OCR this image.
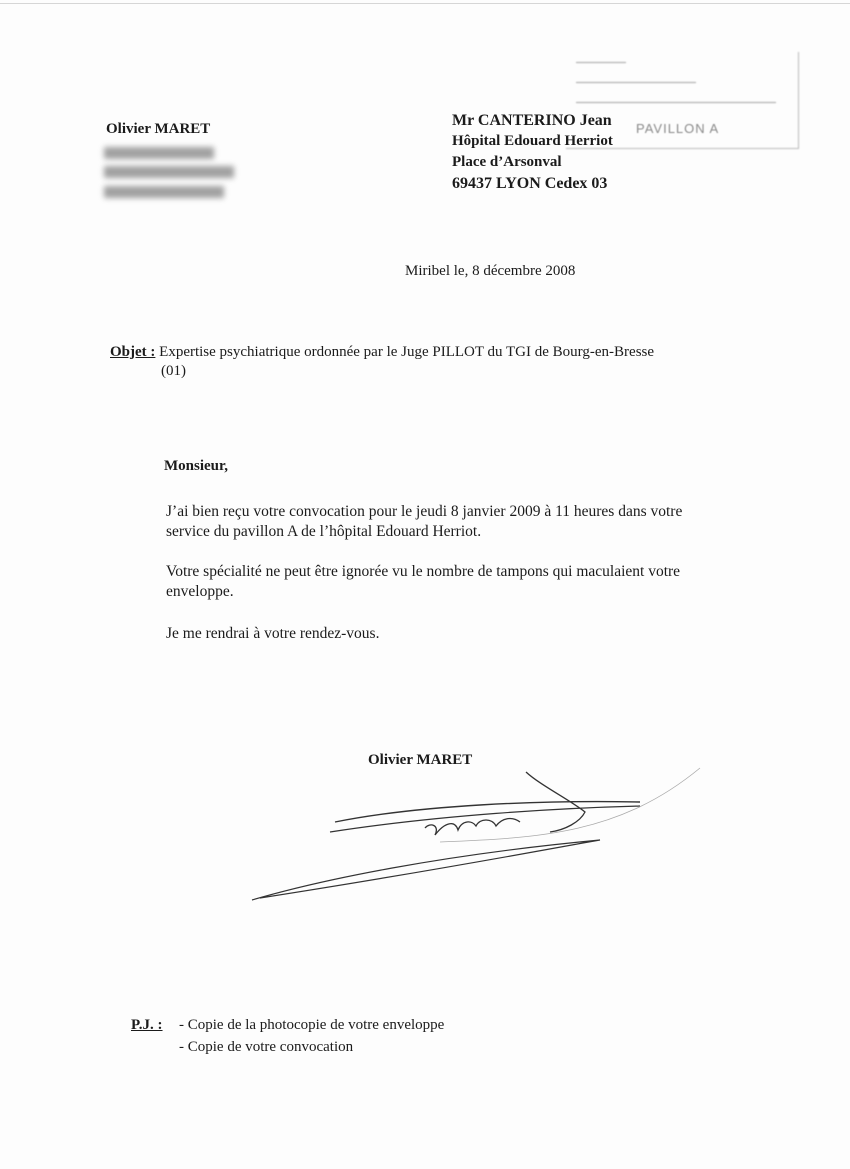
PAVILLON A
Olivier MARET	Mr CANTERINO Jean
Hôpital Edouard Herriot
Place d’Arsonval
69437 LYON Cedex 03
Miribel le, 8 décembre 2008
Objet : Expertise psychiatrique ordonnée par le Juge PILLOT du TGI de Bourg-en-Bresse
(01)
Monsieur,
J’ai bien reçu votre convocation pour le jeudi 8 janvier 2009 à 11 heures dans votre service du pavillon A de l’hôpital Edouard Herriot.
Votre spécialité ne peut être ignorée vu le nombre de tampons qui maculaient votre enveloppe.
Je me rendrai à votre rendez-vous.
Olivier MARET
P.J. : - Copie de la photocopie de votre enveloppe
- Copie de votre convocation
